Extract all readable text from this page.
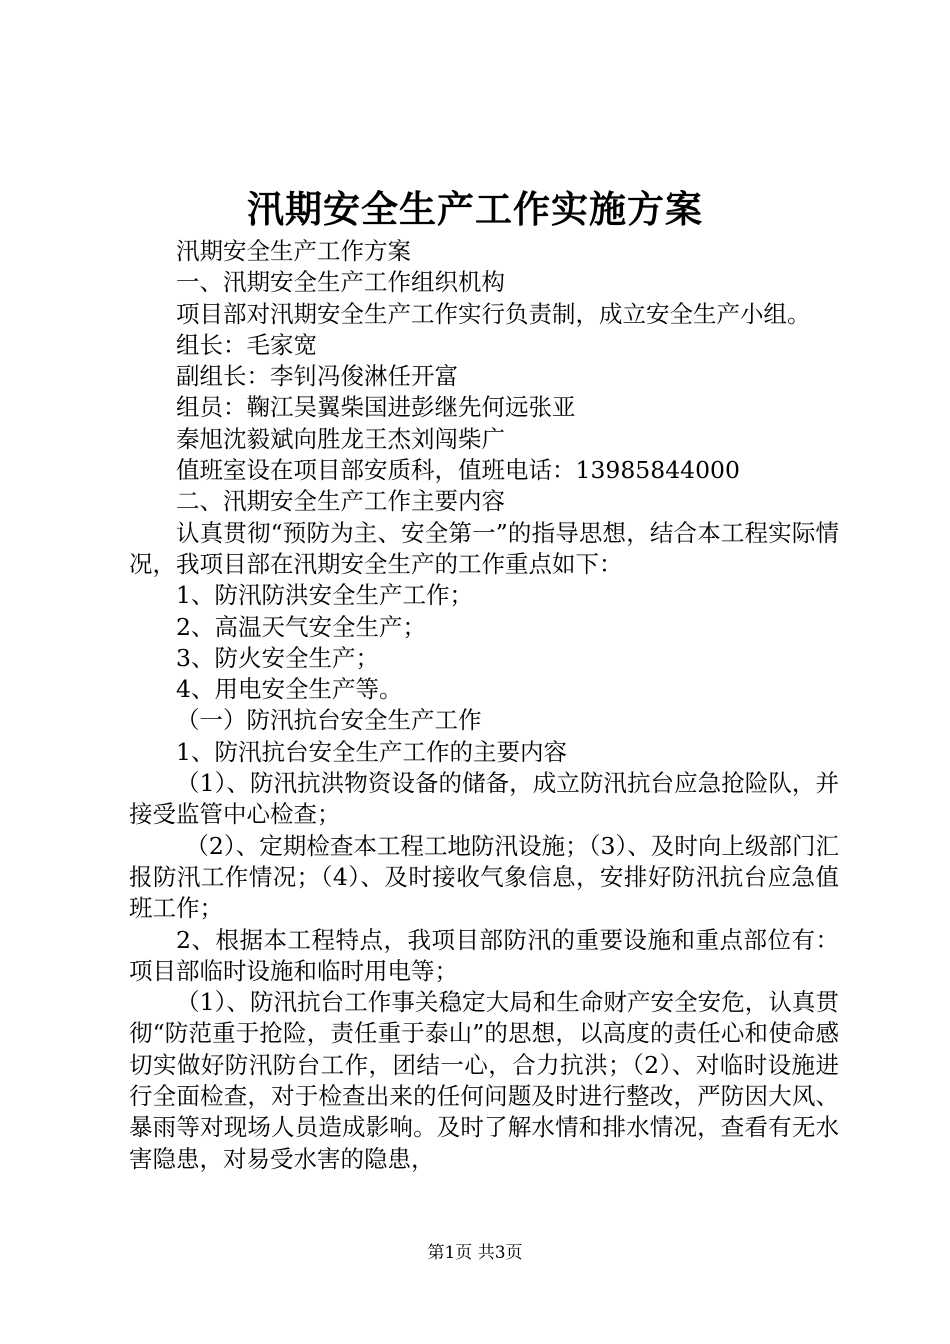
汛期安全生产工作实施方案

汛期安全生产工作方案

一、汛期安全生产工作组织机构

项目部对汛期安全生产工作实行负责制，成立安全生产小组。

组长：毛家宽

副组长：李钊冯俊淋任开富

组员：鞠江吴翼柴国进彭继先何远张亚

秦旭沈毅斌向胜龙王杰刘闯柴广

值班室设在项目部安质科，值班电话：13985844000

二、汛期安全生产工作主要内容

认真贯彻“预防为主、安全第一”的指导思想，结合本工程实际情况，我项目部在汛期安全生产的工作重点如下：

1、防汛防洪安全生产工作；

2、高温天气安全生产；

3、防火安全生产；

4、用电安全生产等。

（一）防汛抗台安全生产工作

1、防汛抗台安全生产工作的主要内容

（1）、防汛抗洪物资设备的储备，成立防汛抗台应急抢险队，并接受监管中心检查；

（2）、定期检查本工程工地防汛设施；（3）、及时向上级部门汇报防汛工作情况；（4）、及时接收气象信息，安排好防汛抗台应急值班工作；

2、根据本工程特点，我项目部防汛的重要设施和重点部位有：项目部临时设施和临时用电等；

（1）、防汛抗台工作事关稳定大局和生命财产安全安危，认真贯彻“防范重于抢险，责任重于泰山”的思想，以高度的责任心和使命感切实做好防汛防台工作，团结一心，合力抗洪；（2）、对临时设施进行全面检查，对于检查出来的任何问题及时进行整改，严防因大风、暴雨等对现场人员造成影响。及时了解水情和排水情况，查看有无水害隐患，对易受水害的隐患，

第1页 共3页
